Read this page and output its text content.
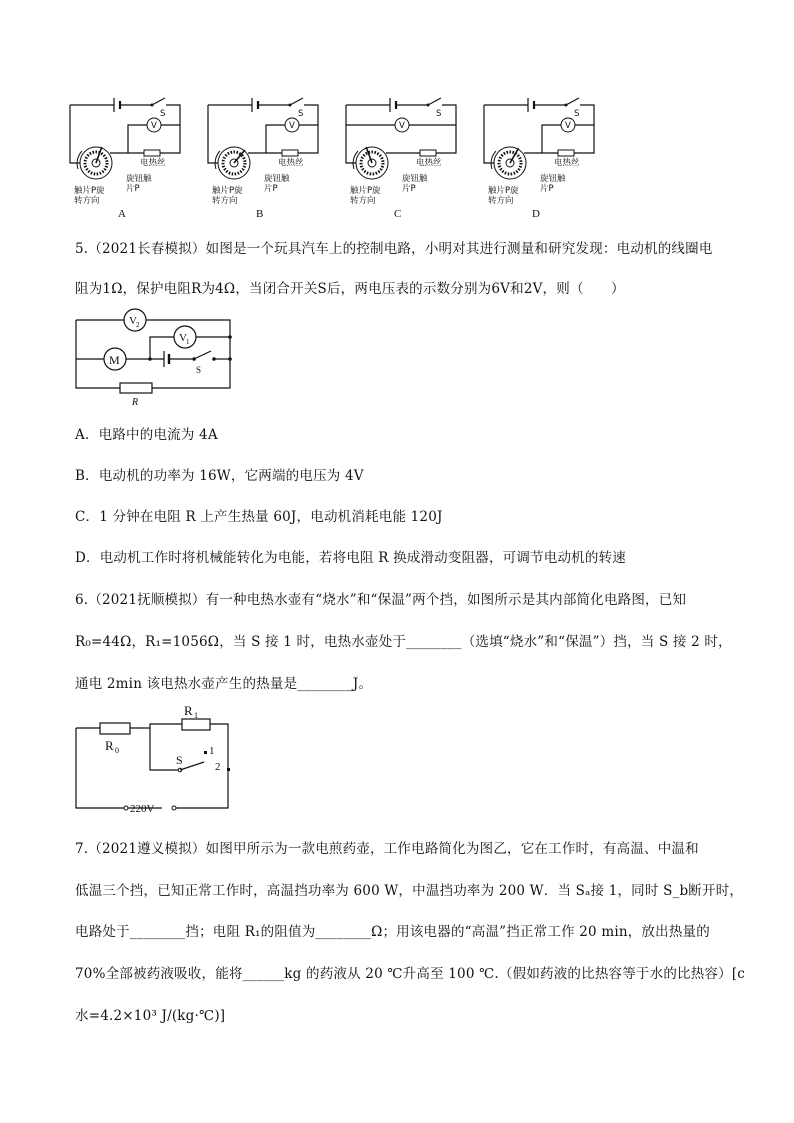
V
S
电热丝
旋钮触
片P
触片P旋
转方向
A
V
S
电热丝
旋钮触
片P
触片P旋
转方向
B
V
S
电热丝
旋钮触
片P
触片P旋
转方向
C
V
S
电热丝
旋钮触
片P
触片P旋
转方向
D
5.（2021长春模拟）如图是一个玩具汽车上的控制电路，小明对其进行测量和研究发现：电动机的线圈电
阻为1Ω，保护电阻R为4Ω，当闭合开关S后，两电压表的示数分别为6V和2V，则（　　）
V 2
V 1
M
S
R
A．电路中的电流为 4A
B．电动机的功率为 16W，它两端的电压为 4V
C．1 分钟在电阻 R 上产生热量 60J，电动机消耗电能 120J
D．电动机工作时将机械能转化为电能，若将电阻 R 换成滑动变阻器，可调节电动机的转速
6.（2021抚顺模拟）有一种电热水壶有“烧水”和“保温”两个挡，如图所示是其内部简化电路图，已知
R₀=44Ω，R₁=1056Ω，当 S 接 1 时，电热水壶处于________（选填“烧水”和“保温”）挡，当 S 接 2 时，
通电 2min 该电热水壶产生的热量是________J。
R 0
R 1
S
1
2
220V
7.（2021遵义模拟）如图甲所示为一款电煎药壶，工作电路简化为图乙，它在工作时，有高温、中温和
低温三个挡，已知正常工作时，高温挡功率为 600 W，中温挡功率为 200 W．当 Sₐ接 1，同时 S_b断开时，
电路处于________挡；电阻 R₁的阻值为________Ω；用该电器的“高温”挡正常工作 20 min，放出热量的
70%全部被药液吸收，能将______kg 的药液从 20 ℃升高至 100 ℃.（假如药液的比热容等于水的比热容）[c
水=4.2×10³ J/(kg·℃)]
